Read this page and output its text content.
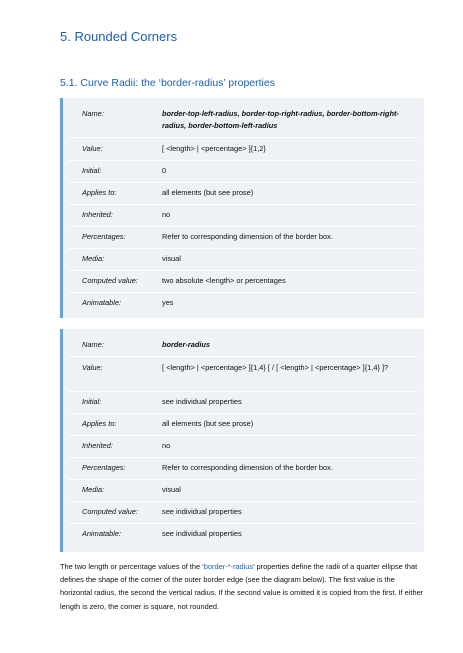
5. Rounded Corners
5.1. Curve Radii: the ‘border-radius’ properties
Name:	border-top-left-radius, border-top-right-radius, border-bottom-right-radius, border-bottom-left-radius
Value:	[ <length> | <percentage> ]{1,2}
Initial:	0
Applies to:	all elements (but see prose)
Inherited:	no
Percentages:	Refer to corresponding dimension of the border box.
Media:	visual
Computed value:	two absolute <length> or percentages
Animatable:	yes
Name:	border-radius
Value:	[ <length> | <percentage> ]{1,4} [ / [ <length> | <percentage> ]{1,4} ]?
Initial:	see individual properties
Applies to:	all elements (but see prose)
Inherited:	no
Percentages:	Refer to corresponding dimension of the border box.
Media:	visual
Computed value:	see individual properties
Animatable:	see individual properties

The two length or percentage values of the ‘border-*-radius’ properties define the radii of a quarter ellipse that defines the shape of the corner of the outer border edge (see the diagram below). The first value is the horizontal radius, the second the vertical radius. If the second value is omitted it is copied from the first. If either length is zero, the corner is square, not rounded.
